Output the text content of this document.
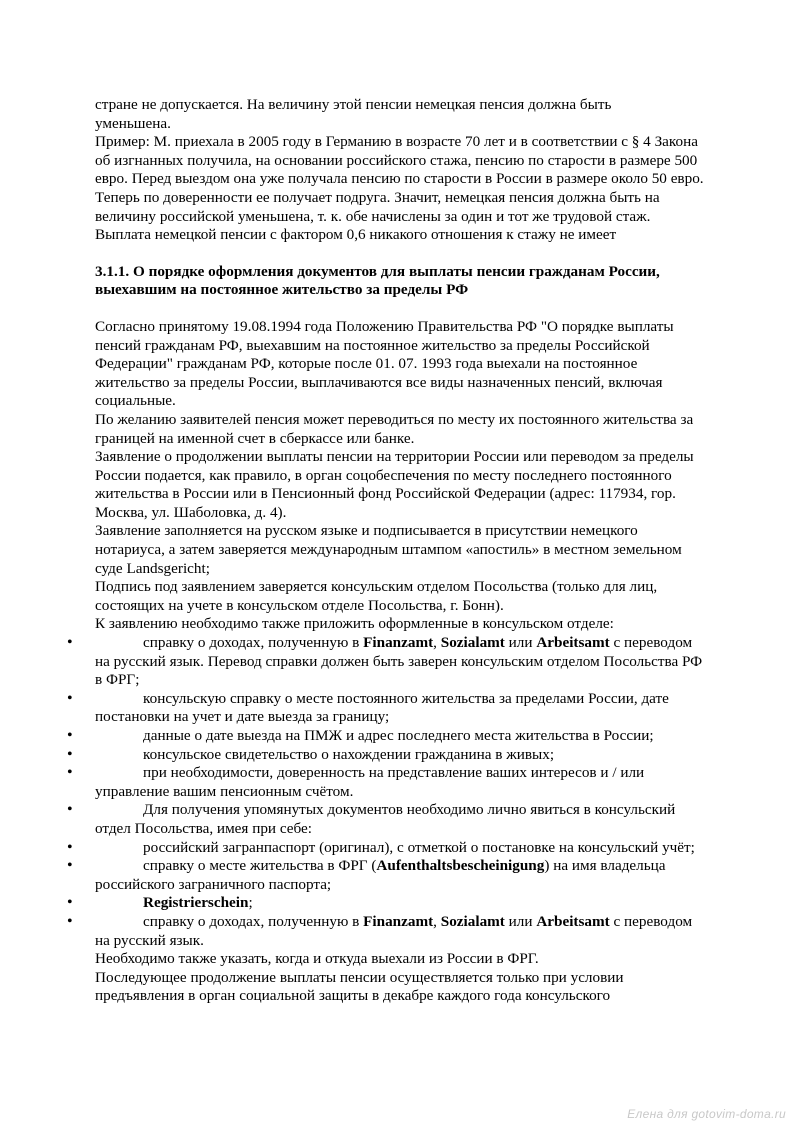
стране не допускается. На величину этой пенсии немецкая пенсия должна быть

уменьшена.

Пример: М. приехала в 2005 году в Германию в возрасте 70 лет и в соответствии с § 4 Закона об изгнанных получила, на основании российского стажа, пенсию по старости в размере 500 евро. Перед выездом она уже получала пенсию по старости в России в размере около 50 евро. Теперь по доверенности ее получает подруга. Значит, немецкая пенсия должна быть на величину российской уменьшена, т. к. обе начислены за один и тот же трудовой стаж. Выплата немецкой пенсии с фактором 0,6 никакого отношения к стажу не имеет

3.1.1. О порядке оформления документов для выплаты пенсии гражданам России, выехавшим на постоянное жительство за пределы РФ

Согласно принятому 19.08.1994 года Положению Правительства РФ "О порядке выплаты пенсий гражданам РФ, выехавшим на постоянное жительство за пределы Российской Федерации" гражданам РФ, которые после 01. 07. 1993 года выехали на постоянное жительство за пределы России, выплачиваются все виды назначенных пенсий, включая социальные.

По желанию заявителей пенсия может переводиться по месту их постоянного жительства за границей на именной счет в сберкассе или банке.

Заявление о продолжении выплаты пенсии на территории России или переводом за пределы России подается, как правило, в орган соцобеспечения по месту последнего постоянного жительства в России или в Пенсионный фонд Российской Федерации (адрес: 117934, гор. Москва, ул. Шаболовка, д. 4).

Заявление заполняется на русском языке и подписывается в присутствии немецкого нотариуса, а затем заверяется международным штампом «апостиль» в местном земельном суде Landsgericht;

Подпись под заявлением заверяется консульским отделом Посольства (только для лиц, состоящих на учете в консульском отделе Посольства, г. Бонн).

К заявлению необходимо также приложить оформленные в консульском отделе:

•	справку о доходах, полученную в Finanzamt, Sozialamt или Arbeitsamt с переводом на русский язык. Перевод справки должен быть заверен консульским отделом Посольства РФ в ФРГ;

•	консульскую справку о месте постоянного жительства за пределами России, дате постановки на учет и дате выезда за границу;

•	данные о дате выезда на ПМЖ и адрес последнего места жительства в России;

•	консульское свидетельство о нахождении гражданина в живых;

•	при необходимости, доверенность на представление ваших интересов и / или управление вашим пенсионным счётом.

•	Для получения упомянутых документов необходимо лично явиться в консульский отдел Посольства, имея при себе:

•	российский загранпаспорт (оригинал), с отметкой о постановке на консульский учёт;

•	справку о месте жительства в ФРГ (Aufenthaltsbescheinigung) на имя владельца российского заграничного паспорта;

•	Registrierschein;

•	справку о доходах, полученную в Finanzamt, Sozialamt или Arbeitsamt с переводом на русский язык.

Необходимо также указать, когда и откуда выехали из России в ФРГ.

Последующее продолжение выплаты пенсии осуществляется только при условии предъявления в орган социальной защиты в декабре каждого года консульского

Елена для gotovim-doma.ru
